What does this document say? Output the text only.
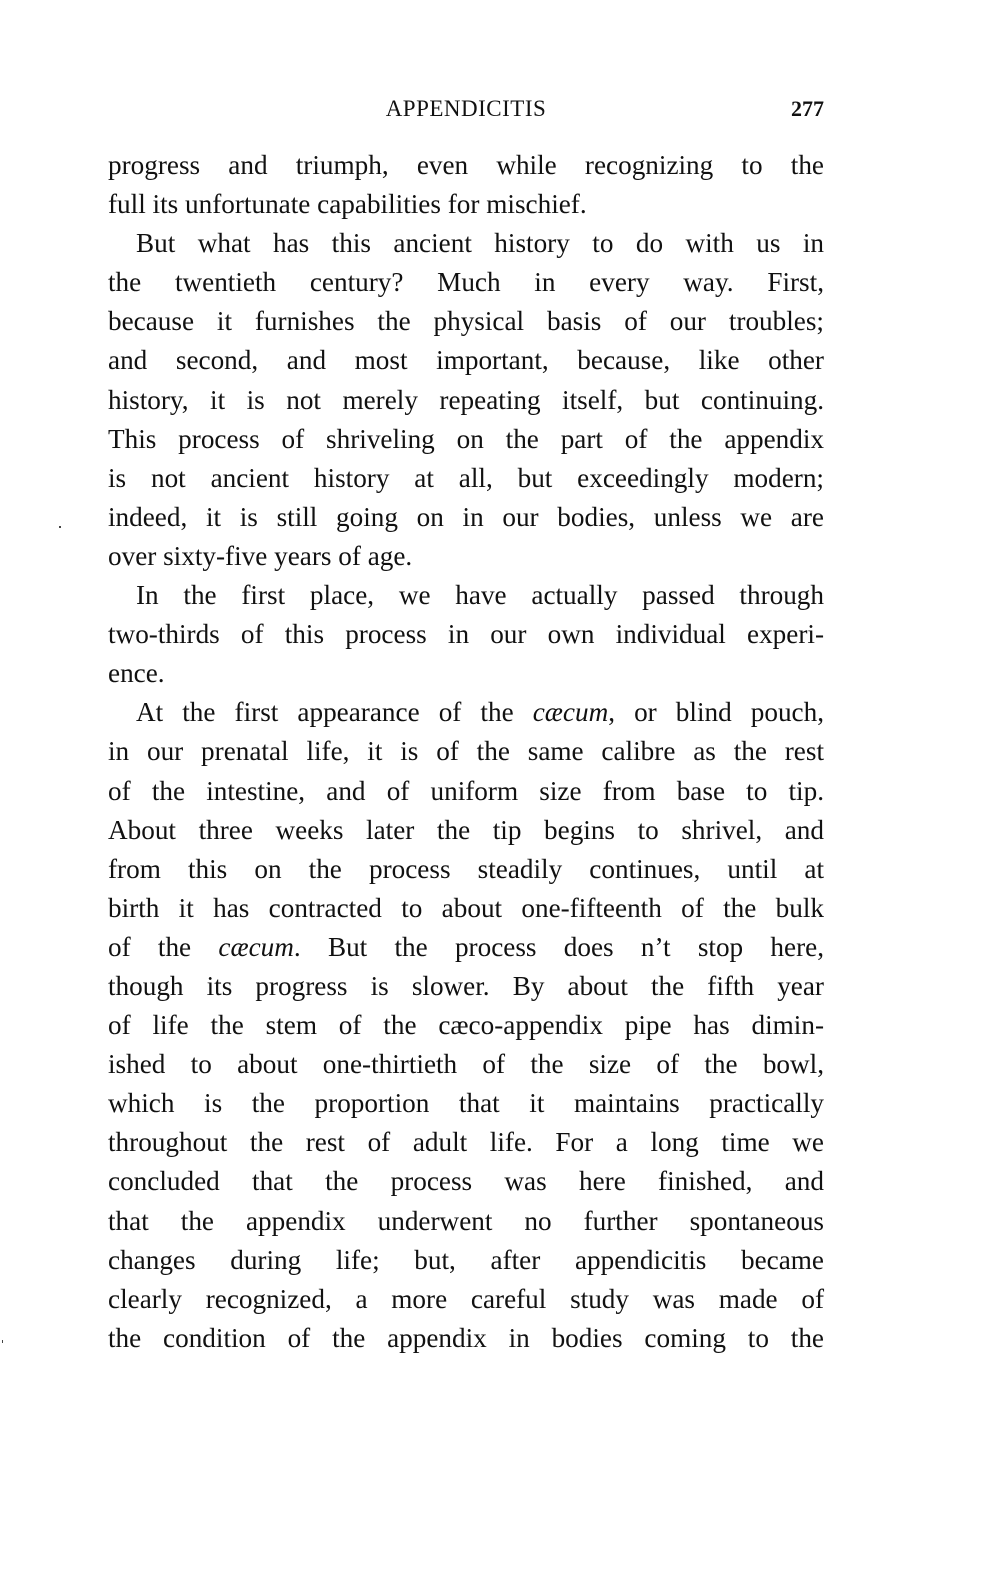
APPENDICITIS	277
progress and triumph, even while recognizing to the
full its unfortunate capabilities for mischief.
But what has this ancient history to do with us in
the twentieth century? Much in every way. First,
because it furnishes the physical basis of our troubles;
and second, and most important, because, like other
history, it is not merely repeating itself, but continuing.
This process of shriveling on the part of the appendix
is not ancient history at all, but exceedingly modern;
indeed, it is still going on in our bodies, unless we are
over sixty-five years of age.
In the first place, we have actually passed through
two-thirds of this process in our own individual experi-
ence.
At the first appearance of the cæcum, or blind pouch,
in our prenatal life, it is of the same calibre as the rest
of the intestine, and of uniform size from base to tip.
About three weeks later the tip begins to shrivel, and
from this on the process steadily continues, until at
birth it has contracted to about one-fifteenth of the bulk
of the cæcum. But the process does n’t stop here,
though its progress is slower. By about the fifth year
of life the stem of the cæco-appendix pipe has dimin-
ished to about one-thirtieth of the size of the bowl,
which is the proportion that it maintains practically
throughout the rest of adult life. For a long time we
concluded that the process was here finished, and
that the appendix underwent no further spontaneous
changes during life; but, after appendicitis became
clearly recognized, a more careful study was made of
the condition of the appendix in bodies coming to the
